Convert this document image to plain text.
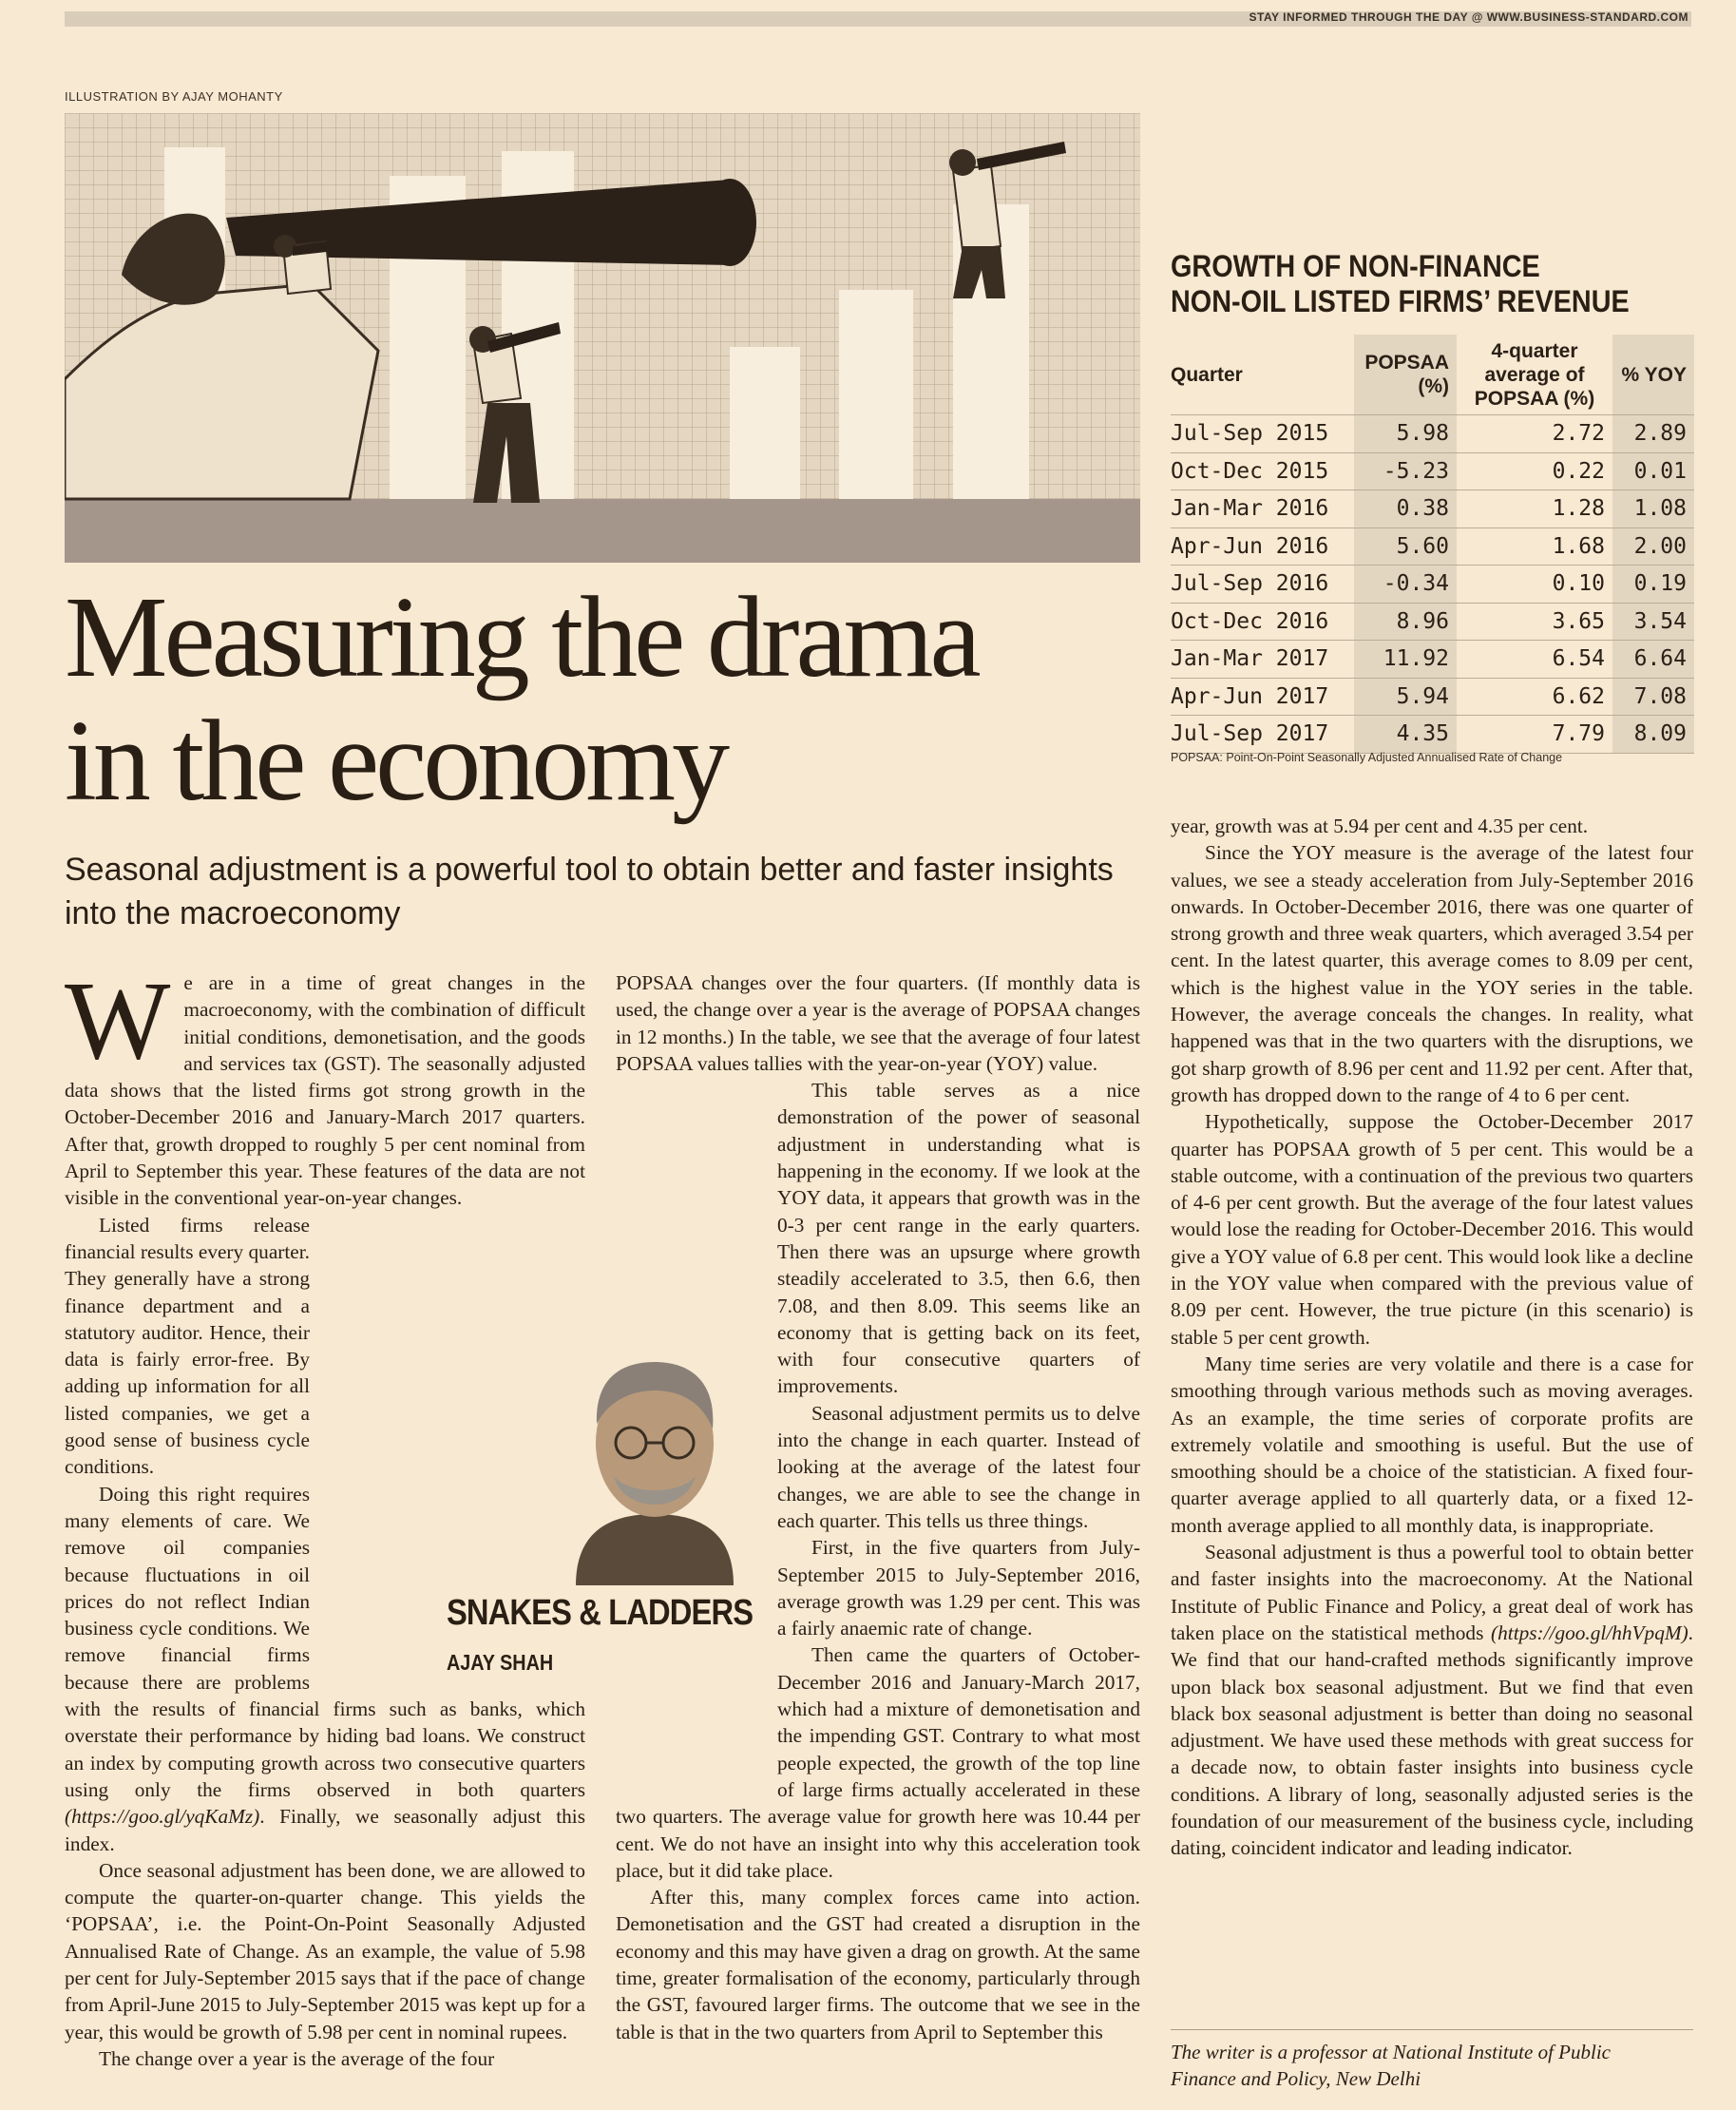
STAY INFORMED THROUGH THE DAY @ WWW.BUSINESS-STANDARD.COM
ILLUSTRATION BY AJAY MOHANTY
Measuring the drama
in the economy
Seasonal adjustment is a powerful tool to obtain better and faster insights into the macroeconomy

We are in a time of great changes in the macroeconomy, with the combination of difficult initial conditions, demonetisation, and the goods and services tax (GST). The seasonally adjusted data shows that the listed firms got strong growth in the October-December 2016 and January-March 2017 quarters. After that, growth dropped to roughly 5 per cent nominal from April to September this year. These features of the data are not visible in the conventional year-on-year changes.

Listed firms release financial results every quarter. They generally have a strong finance department and a statutory auditor. Hence, their data is fairly error-free. By adding up information for all listed companies, we get a good sense of business cycle conditions.

Doing this right requires many elements of care. We remove oil companies because fluctuations in oil prices do not reflect Indian business cycle conditions. We remove financial firms because there are problems with the results of financial firms such as banks, which overstate their performance by hiding bad loans. We construct an index by computing growth across two consecutive quarters using only the firms observed in both quarters (https://goo.gl/yqKaMz). Finally, we seasonally adjust this index.

Once seasonal adjustment has been done, we are allowed to compute the quarter-on-quarter change. This yields the ‘POPSAA’, i.e. the Point-On-Point Seasonally Adjusted Annualised Rate of Change. As an example, the value of 5.98 per cent for July-September 2015 says that if the pace of change from April-June 2015 to July-September 2015 was kept up for a year, this would be growth of 5.98 per cent in nominal rupees.

The change over a year is the average of the four

POPSAA changes over the four quarters. (If monthly data is used, the change over a year is the average of POPSAA changes in 12 months.) In the table, we see that the average of four latest POPSAA values tallies with the year-on-year (YOY) value.

This table serves as a nice demonstration of the power of seasonal adjustment in understanding what is happening in the economy. If we look at the YOY data, it appears that growth was in the 0-3 per cent range in the early quarters. Then there was an upsurge where growth steadily accelerated to 3.5, then 6.6, then 7.08, and then 8.09. This seems like an economy that is getting back on its feet, with four consecutive quarters of improvements.

Seasonal adjustment permits us to delve into the change in each quarter. Instead of looking at the average of the latest four changes, we are able to see the change in each quarter. This tells us three things.

First, in the five quarters from July-September 2015 to July-September 2016, average growth was 1.29 per cent. This was a fairly anaemic rate of change.

Then came the quarters of October-December 2016 and January-March 2017, which had a mixture of demonetisation and the impending GST. Contrary to what most people expected, the growth of the top line of large firms actually accelerated in these two quarters. The average value for growth here was 10.44 per cent. We do not have an insight into why this acceleration took place, but it did take place.

After this, many complex forces came into action. Demonetisation and the GST had created a disruption in the economy and this may have given a drag on growth. At the same time, greater formalisation of the economy, particularly through the GST, favoured larger firms. The outcome that we see in the table is that in the two quarters from April to September this

SNAKES & LADDERS
AJAY SHAH
GROWTH OF NON-FINANCE
NON-OIL LISTED FIRMS’ REVENUE
Quarter	POPSAA (%)	4-quarter average of POPSAA (%)	% YOY
Jul-Sep 2015	5.98	2.72	2.89
Oct-Dec 2015	-5.23	0.22	0.01
Jan-Mar 2016	0.38	1.28	1.08
Apr-Jun 2016	5.60	1.68	2.00
Jul-Sep 2016	-0.34	0.10	0.19
Oct-Dec 2016	8.96	3.65	3.54
Jan-Mar 2017	11.92	6.54	6.64
Apr-Jun 2017	5.94	6.62	7.08
Jul-Sep 2017	4.35	7.79	8.09
POPSAA: Point-On-Point Seasonally Adjusted Annualised Rate of Change

year, growth was at 5.94 per cent and 4.35 per cent.

Since the YOY measure is the average of the latest four values, we see a steady acceleration from July-September 2016 onwards. In October-December 2016, there was one quarter of strong growth and three weak quarters, which averaged 3.54 per cent. In the latest quarter, this average comes to 8.09 per cent, which is the highest value in the YOY series in the table. However, the average conceals the changes. In reality, what happened was that in the two quarters with the disruptions, we got sharp growth of 8.96 per cent and 11.92 per cent. After that, growth has dropped down to the range of 4 to 6 per cent.

Hypothetically, suppose the October-December 2017 quarter has POPSAA growth of 5 per cent. This would be a stable outcome, with a continuation of the previous two quarters of 4-6 per cent growth. But the average of the four latest values would lose the reading for October-December 2016. This would give a YOY value of 6.8 per cent. This would look like a decline in the YOY value when compared with the previous value of 8.09 per cent. However, the true picture (in this scenario) is stable 5 per cent growth.

Many time series are very volatile and there is a case for smoothing through various methods such as moving averages. As an example, the time series of corporate profits are extremely volatile and smoothing is useful. But the use of smoothing should be a choice of the statistician. A fixed four-quarter average applied to all quarterly data, or a fixed 12-month average applied to all monthly data, is inappropriate.

Seasonal adjustment is thus a powerful tool to obtain better and faster insights into the macroeconomy. At the National Institute of Public Finance and Policy, a great deal of work has taken place on the statistical methods (https://goo.gl/hhVpqM). We find that our hand-crafted methods significantly improve upon black box seasonal adjustment. But we find that even black box seasonal adjustment is better than doing no seasonal adjustment. We have used these methods with great success for a decade now, to obtain faster insights into business cycle conditions. A library of long, seasonally adjusted series is the foundation of our measurement of the business cycle, including dating, coincident indicator and leading indicator.

The writer is a professor at National Institute of Public
Finance and Policy, New Delhi
